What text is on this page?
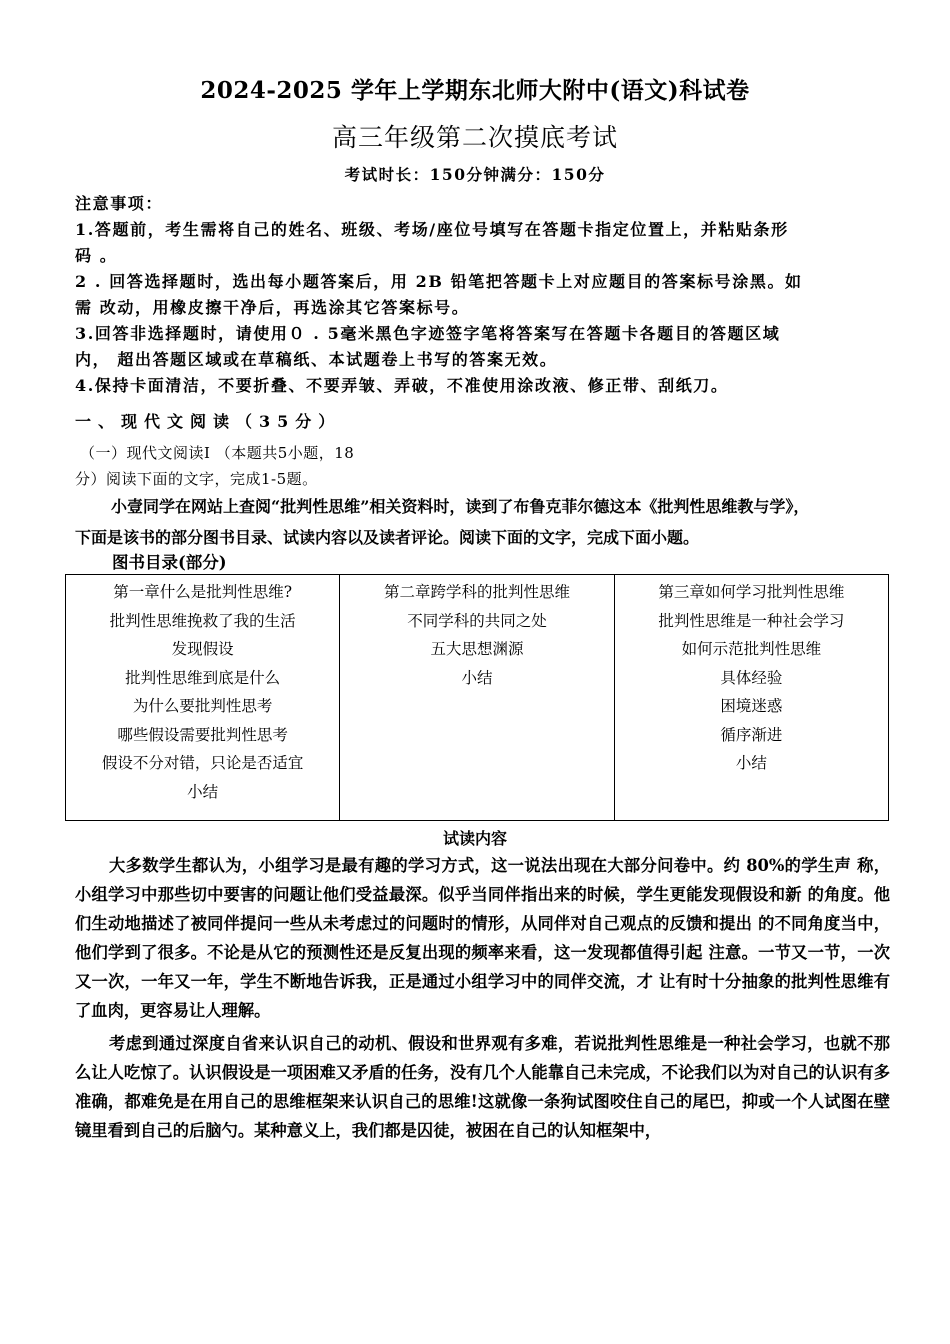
2024-2025 学年上学期东北师大附中(语文)科试卷
高三年级第二次摸底考试
考试时长：150分钟满分：150分
注意事项：
1.答题前，考生需将自己的姓名、班级、考场/座位号填写在答题卡指定位置上，并粘贴条形
码 。
2 . 回答选择题时，选出每小题答案后，用 2B 铅笔把答题卡上对应题目的答案标号涂黑。如
需 改动，用橡皮擦干净后，再选涂其它答案标号。
3.回答非选择题时，请使用０ . 5毫米黑色字迹签字笔将答案写在答题卡各题目的答题区域
内， 超出答题区域或在草稿纸、本试题卷上书写的答案无效。
4.保持卡面清洁，不要折叠、不要弄皱、弄破，不准使用涂改液、修正带、刮纸刀。
一、现代文阅读（35分）
（一）现代文阅读Ⅰ （本题共5小题，18
分）阅读下面的文字，完成1-5题。

小壹同学在网站上查阅“批判性思维”相关资料时，读到了布鲁克菲尔德这本《批判性思维教与学》，

下面是该书的部分图书目录、试读内容以及读者评论。阅读下面的文字，完成下面小题。

图书目录(部分)
第一章什么是批判性思维?
批判性思维挽救了我的生活
发现假设
批判性思维到底是什么
为什么要批判性思考
哪些假设需要批判性思考
假设不分对错，只论是否适宜
小结
第二章跨学科的批判性思维
不同学科的共同之处
五大思想渊源
小结
第三章如何学习批判性思维
批判性思维是一种社会学习
如何示范批判性思维
具体经验
困境迷惑
循序渐进
小结
试读内容

大多数学生都认为，小组学习是最有趣的学习方式，这一说法出现在大部分问卷中。约 80%的学生声 称，小组学习中那些切中要害的问题让他们受益最深。似乎当同伴指出来的时候，学生更能发现假设和新 的角度。他们生动地描述了被同伴提问一些从未考虑过的问题时的情形，从同伴对自己观点的反馈和提出 的不同角度当中，他们学到了很多。不论是从它的预测性还是反复出现的频率来看，这一发现都值得引起 注意。一节又一节，一次又一次，一年又一年，学生不断地告诉我，正是通过小组学习中的同伴交流，才 让有时十分抽象的批判性思维有了血肉，更容易让人理解。

考虑到通过深度自省来认识自己的动机、假设和世界观有多难，若说批判性思维是一种社会学习，也就不那么让人吃惊了。认识假设是一项困难又矛盾的任务，没有几个人能靠自己未完成，不论我们以为对自己的认识有多准确，都难免是在用自己的思维框架来认识自己的思维!这就像一条狗试图咬住自己的尾巴，抑或一个人试图在壁镜里看到自己的后脑勺。某种意义上，我们都是囚徒，被困在自己的认知框架中，
